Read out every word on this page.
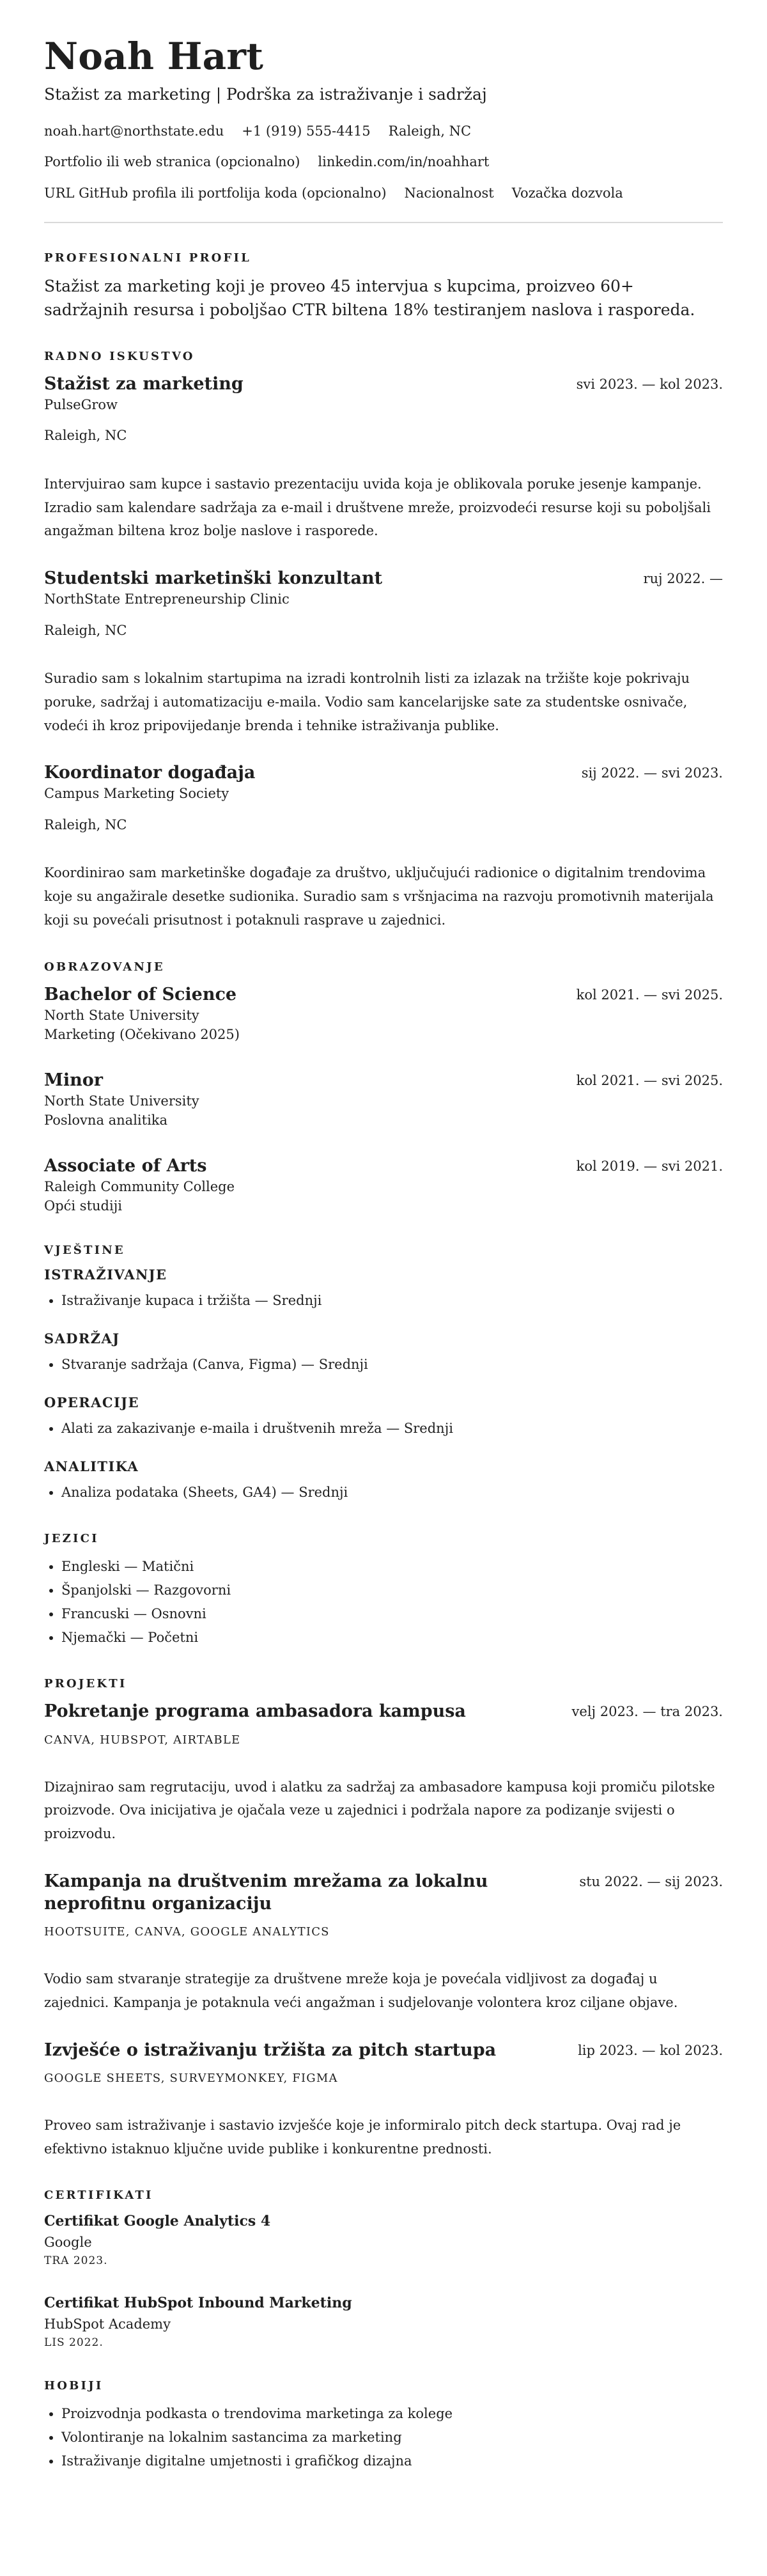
Noah Hart
Stažist za marketing | Podrška za istraživanje i sadržaj
noah.hart@northstate.edu +1 (919) 555-4415 Raleigh, NC
Portfolio ili web stranica (opcionalno) linkedin.com/in/noahhart
URL GitHub profila ili portfolija koda (opcionalno) Nacionalnost Vozačka dozvola
PROFESIONALNI PROFIL

Stažist za marketing koji je proveo 45 intervjua s kupcima, proizveo 60+ sadržajnih resursa i poboljšao CTR biltena 18% testiranjem naslova i rasporeda.

RADNO ISKUSTVO
Stažist za marketing	svi 2023. — kol 2023.
PulseGrow
Raleigh, NC
Intervjuirao sam kupce i sastavio prezentaciju uvida koja je oblikovala poruke jesenje kampanje. Izradio sam kalendare sadržaja za e-mail i društvene mreže, proizvodeći resurse koji su poboljšali angažman biltena kroz bolje naslove i rasporede.
Studentski marketinški konzultant	ruj 2022. —
NorthState Entrepreneurship Clinic
Raleigh, NC
Suradio sam s lokalnim startupima na izradi kontrolnih listi za izlazak na tržište koje pokrivaju poruke, sadržaj i automatizaciju e-maila. Vodio sam kancelarijske sate za studentske osnivače, vodeći ih kroz pripovijedanje brenda i tehnike istraživanja publike.
Koordinator događaja	sij 2022. — svi 2023.
Campus Marketing Society
Raleigh, NC
Koordinirao sam marketinške događaje za društvo, uključujući radionice o digitalnim trendovima koje su angažirale desetke sudionika. Suradio sam s vršnjacima na razvoju promotivnih materijala koji su povećali prisutnost i potaknuli rasprave u zajednici.
OBRAZOVANJE
Bachelor of Science	kol 2021. — svi 2025.
North State University
Marketing (Očekivano 2025)
Minor	kol 2021. — svi 2025.
North State University
Poslovna analitika
Associate of Arts	kol 2019. — svi 2021.
Raleigh Community College
Opći studiji
VJEŠTINE
ISTRAŽIVANJE
• Istraživanje kupaca i tržišta — Srednji
SADRŽAJ
• Stvaranje sadržaja (Canva, Figma) — Srednji
OPERACIJE
• Alati za zakazivanje e-maila i društvenih mreža — Srednji
ANALITIKA
• Analiza podataka (Sheets, GA4) — Srednji
JEZICI
• Engleski — Matični
• Španjolski — Razgovorni
• Francuski — Osnovni
• Njemački — Početni
PROJEKTI
Pokretanje programa ambasadora kampusa	velj 2023. — tra 2023.
CANVA, HUBSPOT, AIRTABLE
Dizajnirao sam regrutaciju, uvod i alatku za sadržaj za ambasadore kampusa koji promiču pilotske proizvode. Ova inicijativa je ojačala veze u zajednici i podržala napore za podizanje svijesti o proizvodu.
Kampanja na društvenim mrežama za lokalnu neprofitnu organizaciju
stu 2022. — sij 2023.
HOOTSUITE, CANVA, GOOGLE ANALYTICS
Vodio sam stvaranje strategije za društvene mreže koja je povećala vidljivost za događaj u zajednici. Kampanja je potaknula veći angažman i sudjelovanje volontera kroz ciljane objave.
Izvješće o istraživanju tržišta za pitch startupa	lip 2023. — kol 2023.
GOOGLE SHEETS, SURVEYMONKEY, FIGMA
Proveo sam istraživanje i sastavio izvješće koje je informiralo pitch deck startupa. Ovaj rad je efektivno istaknuo ključne uvide publike i konkurentne prednosti.
CERTIFIKATI
Certifikat Google Analytics 4
Google
TRA 2023.
Certifikat HubSpot Inbound Marketing
HubSpot Academy
LIS 2022.
HOBIJI
• Proizvodnja podkasta o trendovima marketinga za kolege
• Volontiranje na lokalnim sastancima za marketing
• Istraživanje digitalne umjetnosti i grafičkog dizajna
